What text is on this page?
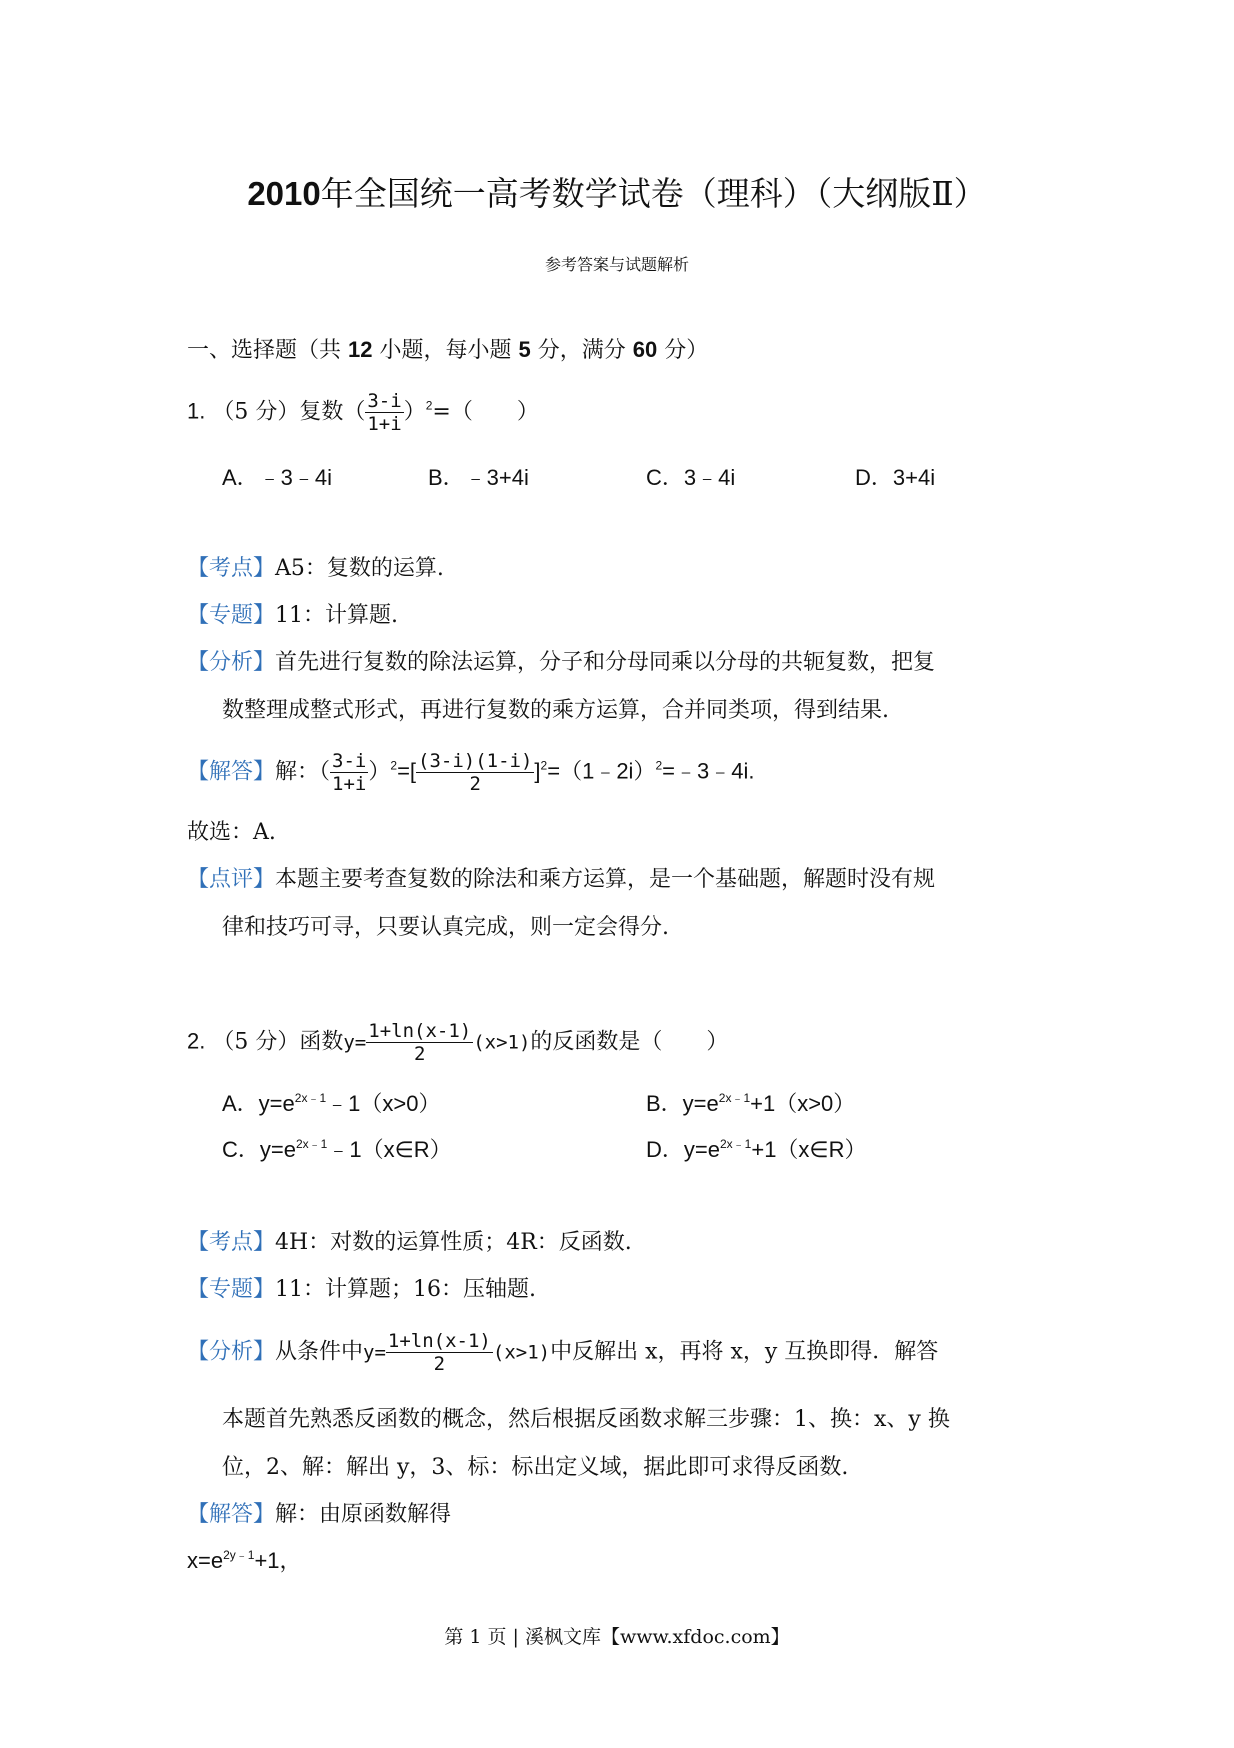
2010年全国统一高考数学试卷（理科）（大纲版Ⅱ）
参考答案与试题解析
一、选择题（共 12 小题，每小题 5 分，满分 60 分）
1. （5 分）复数（ $\frac{3-i}{1+i} )^2=$（　　）
A．﹣3﹣4i	B．﹣3+4i	C．3﹣4i	D．3+4i
【考点】A5：复数的运算.
【专题】11：计算题.
【分析】首先进行复数的除法运算，分子和分母同乘以分母的共轭复数，把复
数整理成整式形式，再进行复数的乘方运算，合并同类项，得到结果.
【解答】解：（ $\frac{3-i}{1+i} )^2=[ \frac{(3-i)(1-i)}{2}$ ]$^2=(1﹣2i)^2=﹣3﹣4i$.
故选：A.
【点评】本题主要考查复数的除法和乘方运算，是一个基础题，解题时没有规
律和技巧可寻，只要认真完成，则一定会得分.
2. （5 分）函数$y= \frac{1+\ln(x-1)}{2} (x>1)$的反函数是（　　）
A．$y=e^{2x﹣1}﹣1(x>0)$	B．$y=e^{2x﹣1}+1(x>0)$
C．$y=e^{2x﹣1}﹣1(x\in R)$	D．$y=e^{2x﹣1}+1(x\in R)$
【考点】4H：对数的运算性质；4R：反函数.
【专题】11：计算题；16：压轴题.
【分析】从条件中$y= \frac{1+\ln(x-1)}{2} (x>1)$中反解出 x，再将 x，y 互换即得．解答
本题首先熟悉反函数的概念，然后根据反函数求解三步骤：1、换：x、y 换
位，2、解：解出 y，3、标：标出定义域，据此即可求得反函数.
【解答】解：由原函数解得
$x=e^{2y﹣1}+1$，
第 1 页 | 溪枫文库【www.xfdoc.com】
